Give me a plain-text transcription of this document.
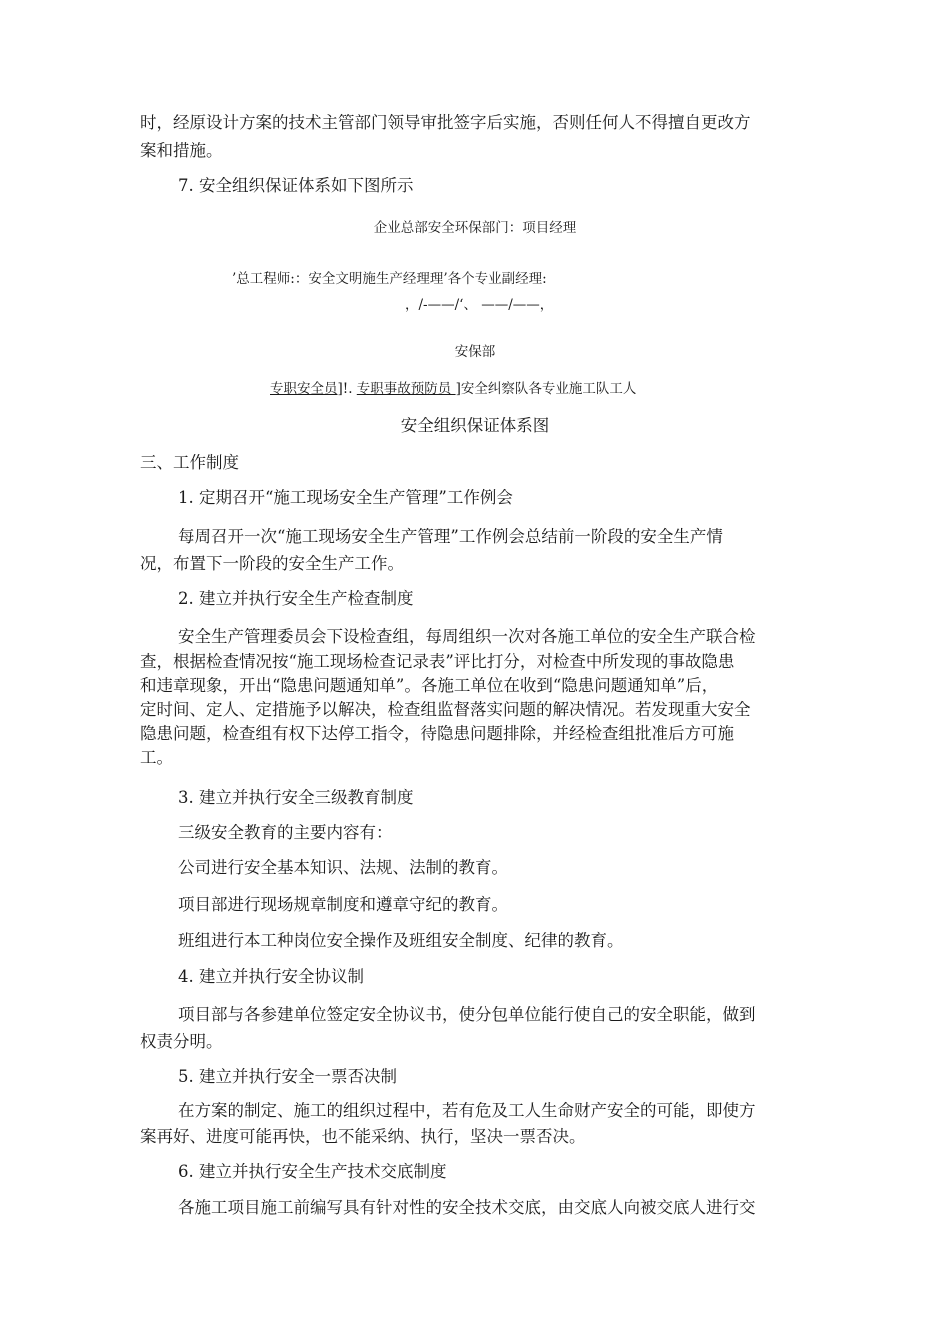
时，经原设计方案的技术主管部门领导审批签字后实施，否则任何人不得擅自更改方
案和措施。
7. 安全组织保证体系如下图所示
企业总部安全环保部门：项目经理
’总工程师:：安全文明施生产经理理’各个专业副经理:
，/-——/‘、 ——/——，
安保部
专职安全员]!. 专职事故预防员 ]安全纠察队各专业施工队工人
安全组织保证体系图
三、工作制度
1. 定期召开“施工现场安全生产管理”工作例会
每周召开一次“施工现场安全生产管理”工作例会总结前一阶段的安全生产情
况，布置下一阶段的安全生产工作。
2. 建立并执行安全生产检查制度
安全生产管理委员会下设检查组，每周组织一次对各施工单位的安全生产联合检
查，根据检查情况按“施工现场检查记录表”评比打分，对检查中所发现的事故隐患
和违章现象，开出“隐患问题通知单”。各施工单位在收到“隐患问题通知单”后，
定时间、定人、定措施予以解决，检查组监督落实问题的解决情况。若发现重大安全
隐患问题，检查组有权下达停工指令，待隐患问题排除，并经检查组批准后方可施
工。
3. 建立并执行安全三级教育制度
三级安全教育的主要内容有：
公司进行安全基本知识、法规、法制的教育。
项目部进行现场规章制度和遵章守纪的教育。
班组进行本工种岗位安全操作及班组安全制度、纪律的教育。
4. 建立并执行安全协议制
项目部与各参建单位签定安全协议书，使分包单位能行使自己的安全职能，做到
权责分明。
5. 建立并执行安全一票否决制
在方案的制定、施工的组织过程中，若有危及工人生命财产安全的可能，即使方
案再好、进度可能再快，也不能采纳、执行，坚决一票否决。
6. 建立并执行安全生产技术交底制度
各施工项目施工前编写具有针对性的安全技术交底，由交底人向被交底人进行交
